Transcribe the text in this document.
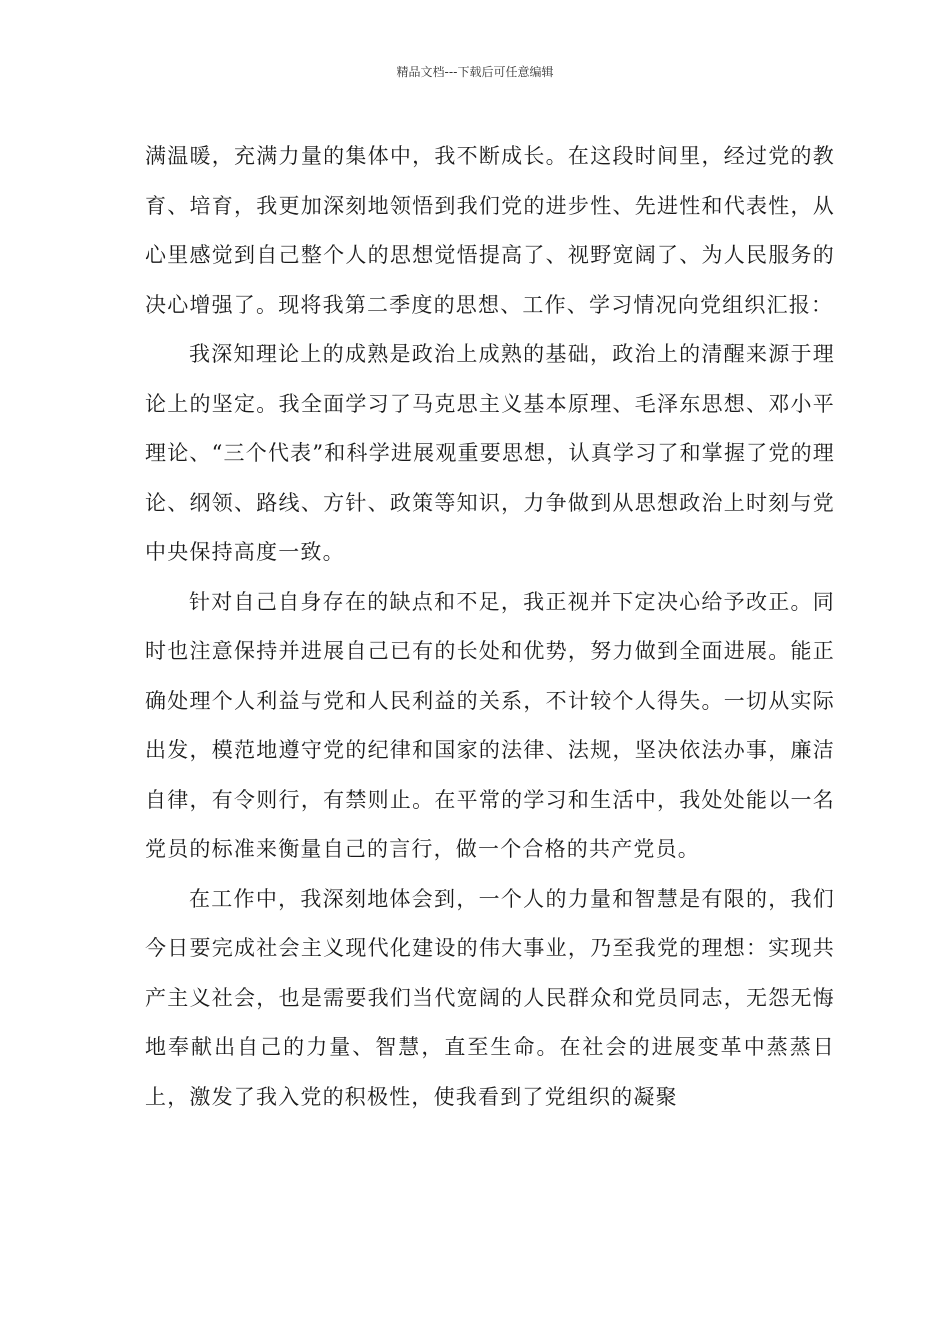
精品文档---下载后可任意编辑

满温暖，充满力量的集体中，我不断成长。在这段时间里，经过党的教育、培育，我更加深刻地领悟到我们党的进步性、先进性和代表性，从心里感觉到自己整个人的思想觉悟提高了、视野宽阔了、为人民服务的决心增强了。现将我第二季度的思想、工作、学习情况向党组织汇报：

我深知理论上的成熟是政治上成熟的基础，政治上的清醒来源于理论上的坚定。我全面学习了马克思主义基本原理、毛泽东思想、邓小平理论、“三个代表”和科学进展观重要思想，认真学习了和掌握了党的理论、纲领、路线、方针、政策等知识，力争做到从思想政治上时刻与党中央保持高度一致。

针对自己自身存在的缺点和不足，我正视并下定决心给予改正。同时也注意保持并进展自己已有的长处和优势，努力做到全面进展。能正确处理个人利益与党和人民利益的关系，不计较个人得失。一切从实际出发，模范地遵守党的纪律和国家的法律、法规，坚决依法办事，廉洁自律，有令则行，有禁则止。在平常的学习和生活中，我处处能以一名党员的标准来衡量自己的言行，做一个合格的共产党员。

在工作中，我深刻地体会到，一个人的力量和智慧是有限的，我们今日要完成社会主义现代化建设的伟大事业，乃至我党的理想：实现共产主义社会，也是需要我们当代宽阔的人民群众和党员同志，无怨无悔地奉献出自己的力量、智慧，直至生命。在社会的进展变革中蒸蒸日上，激发了我入党的积极性，使我看到了党组织的凝聚
